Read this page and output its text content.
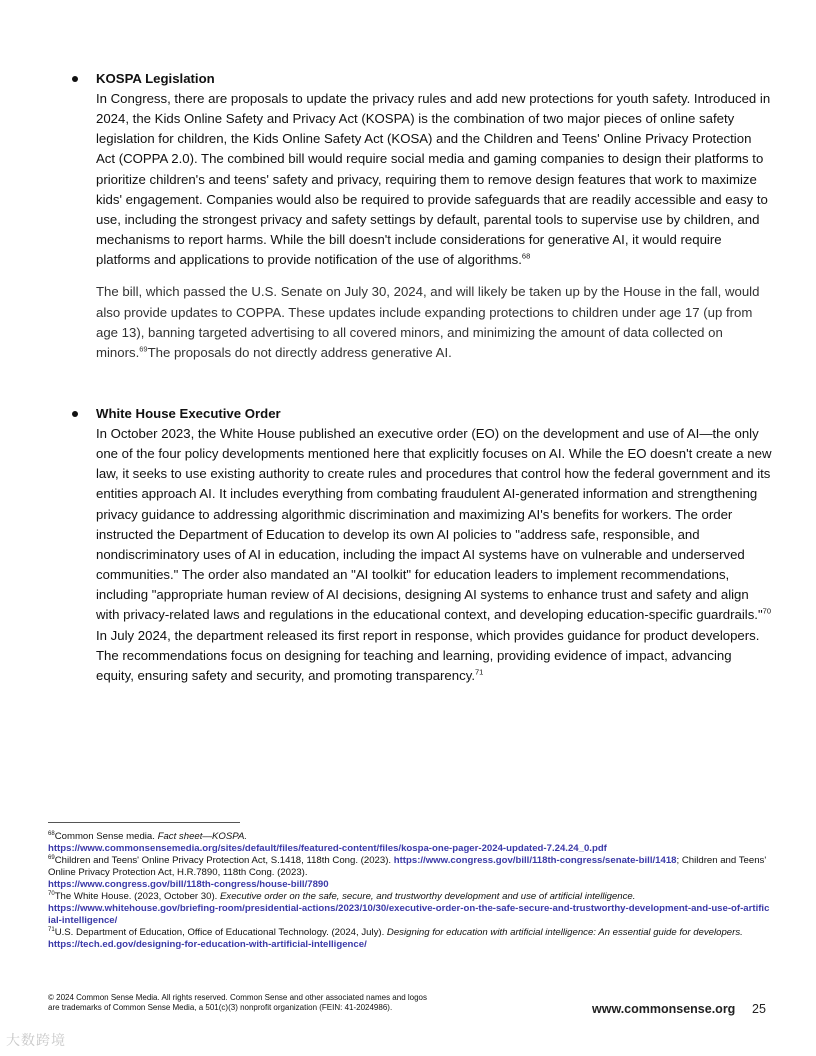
KOSPA Legislation

In Congress, there are proposals to update the privacy rules and add new protections for youth safety. Introduced in 2024, the Kids Online Safety and Privacy Act (KOSPA) is the combination of two major pieces of online safety legislation for children, the Kids Online Safety Act (KOSA) and the Children and Teens' Online Privacy Protection Act (COPPA 2.0). The combined bill would require social media and gaming companies to design their platforms to prioritize children's and teens' safety and privacy, requiring them to remove design features that work to maximize kids' engagement. Companies would also be required to provide safeguards that are readily accessible and easy to use, including the strongest privacy and safety settings by default, parental tools to supervise use by children, and mechanisms to report harms. While the bill doesn't include considerations for generative AI, it would require platforms and applications to provide notification of the use of algorithms.$^{68}$

The bill, which passed the U.S. Senate on July 30, 2024, and will likely be taken up by the House in the fall, would also provide updates to COPPA. These updates include expanding protections to children under age 17 (up from age 13), banning targeted advertising to all covered minors, and minimizing the amount of data collected on minors.$^{69}$The proposals do not directly address generative AI.

White House Executive Order

In October 2023, the White House published an executive order (EO) on the development and use of AI—the only one of the four policy developments mentioned here that explicitly focuses on AI. While the EO doesn't create a new law, it seeks to use existing authority to create rules and procedures that control how the federal government and its entities approach AI. It includes everything from combating fraudulent AI-generated information and strengthening privacy guidance to addressing algorithmic discrimination and maximizing AI's benefits for workers. The order instructed the Department of Education to develop its own AI policies to "address safe, responsible, and nondiscriminatory uses of AI in education, including the impact AI systems have on vulnerable and underserved communities." The order also mandated an "AI toolkit" for education leaders to implement recommendations, including "appropriate human review of AI decisions, designing AI systems to enhance trust and safety and align with privacy-related laws and regulations in the educational context, and developing education-specific guardrails."$^{70}$ In July 2024, the department released its first report in response, which provides guidance for product developers. The recommendations focus on designing for teaching and learning, providing evidence of impact, advancing equity, ensuring safety and security, and promoting transparency.$^{71}$

$^{68}$Common Sense media. Fact sheet—KOSPA.
https://www.commonsensemedia.org/sites/default/files/featured-content/files/kospa-one-pager-2024-updated-7.24.24_0.pdf

$^{69}$Children and Teens' Online Privacy Protection Act, S.1418, 118th Cong. (2023). https://www.congress.gov/bill/118th-congress/senate-bill/1418; Children and Teens' Online Privacy Protection Act, H.R.7890, 118th Cong. (2023).
https://www.congress.gov/bill/118th-congress/house-bill/7890

$^{70}$The White House. (2023, October 30). Executive order on the safe, secure, and trustworthy development and use of artificial intelligence.
https://www.whitehouse.gov/briefing-room/presidential-actions/2023/10/30/executive-order-on-the-safe-secure-and-trustworthy-development-and-use-of-artificial-intelligence/

$^{71}$U.S. Department of Education, Office of Educational Technology. (2024, July). Designing for education with artificial intelligence: An essential guide for developers. https://tech.ed.gov/designing-for-education-with-artificial-intelligence/

© 2024 Common Sense Media. All rights reserved. Common Sense and other associated names and logos

are trademarks of Common Sense Media, a 501(c)(3) nonprofit organization (FEIN: 41-2024986).	www.commonsense.org 25
大数跨境
